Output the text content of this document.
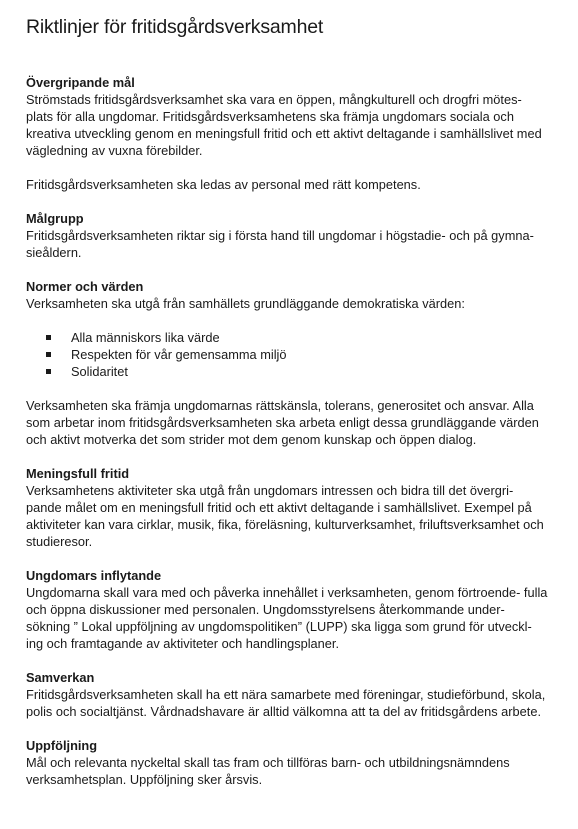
Riktlinjer för fritidsgårdsverksamhet
Övergripande mål
Strömstads fritidsgårdsverksamhet ska vara en öppen, mångkulturell och drogfri mötes- plats för alla ungdomar. Fritidsgårdsverksamhetens ska främja ungdomars sociala och kreativa utveckling genom en meningsfull fritid och ett aktivt deltagande i samhällslivet med vägledning av vuxna förebilder.
Fritidsgårdsverksamheten ska ledas av personal med rätt kompetens.
Målgrupp
Fritidsgårdsverksamheten riktar sig i första hand till ungdomar i högstadie- och på gymna- sieåldern.
Normer och värden
Verksamheten ska utgå från samhällets grundläggande demokratiska värden:
Alla människors lika värde
Respekten för vår gemensamma miljö
Solidaritet
Verksamheten ska främja ungdomarnas rättskänsla, tolerans, generositet och ansvar. Alla som arbetar inom fritidsgårdsverksamheten ska arbeta enligt dessa grundläggande värden och aktivt motverka det som strider mot dem genom kunskap och öppen dialog.
Meningsfull fritid
Verksamhetens aktiviteter ska utgå från ungdomars intressen och bidra till det övergri- pande målet om en meningsfull fritid och ett aktivt deltagande i samhällslivet. Exempel på aktiviteter kan vara cirklar, musik, fika, föreläsning, kulturverksamhet, friluftsverksamhet och studieresor.
Ungdomars inflytande
Ungdomarna skall vara med och påverka innehållet i verksamheten, genom förtroende- fulla och öppna diskussioner med personalen. Ungdomsstyrelsens återkommande under- sökning ” Lokal uppföljning av ungdomspolitiken” (LUPP) ska ligga som grund för utveckl- ing och framtagande av aktiviteter och handlingsplaner.
Samverkan
Fritidsgårdsverksamheten skall ha ett nära samarbete med föreningar, studieförbund, skola, polis och socialtjänst. Vårdnadshavare är alltid välkomna att ta del av fritidsgårdens arbete.
Uppföljning
Mål och relevanta nyckeltal skall tas fram och tillföras barn- och utbildningsnämndens verksamhetsplan. Uppföljning sker årsvis.
